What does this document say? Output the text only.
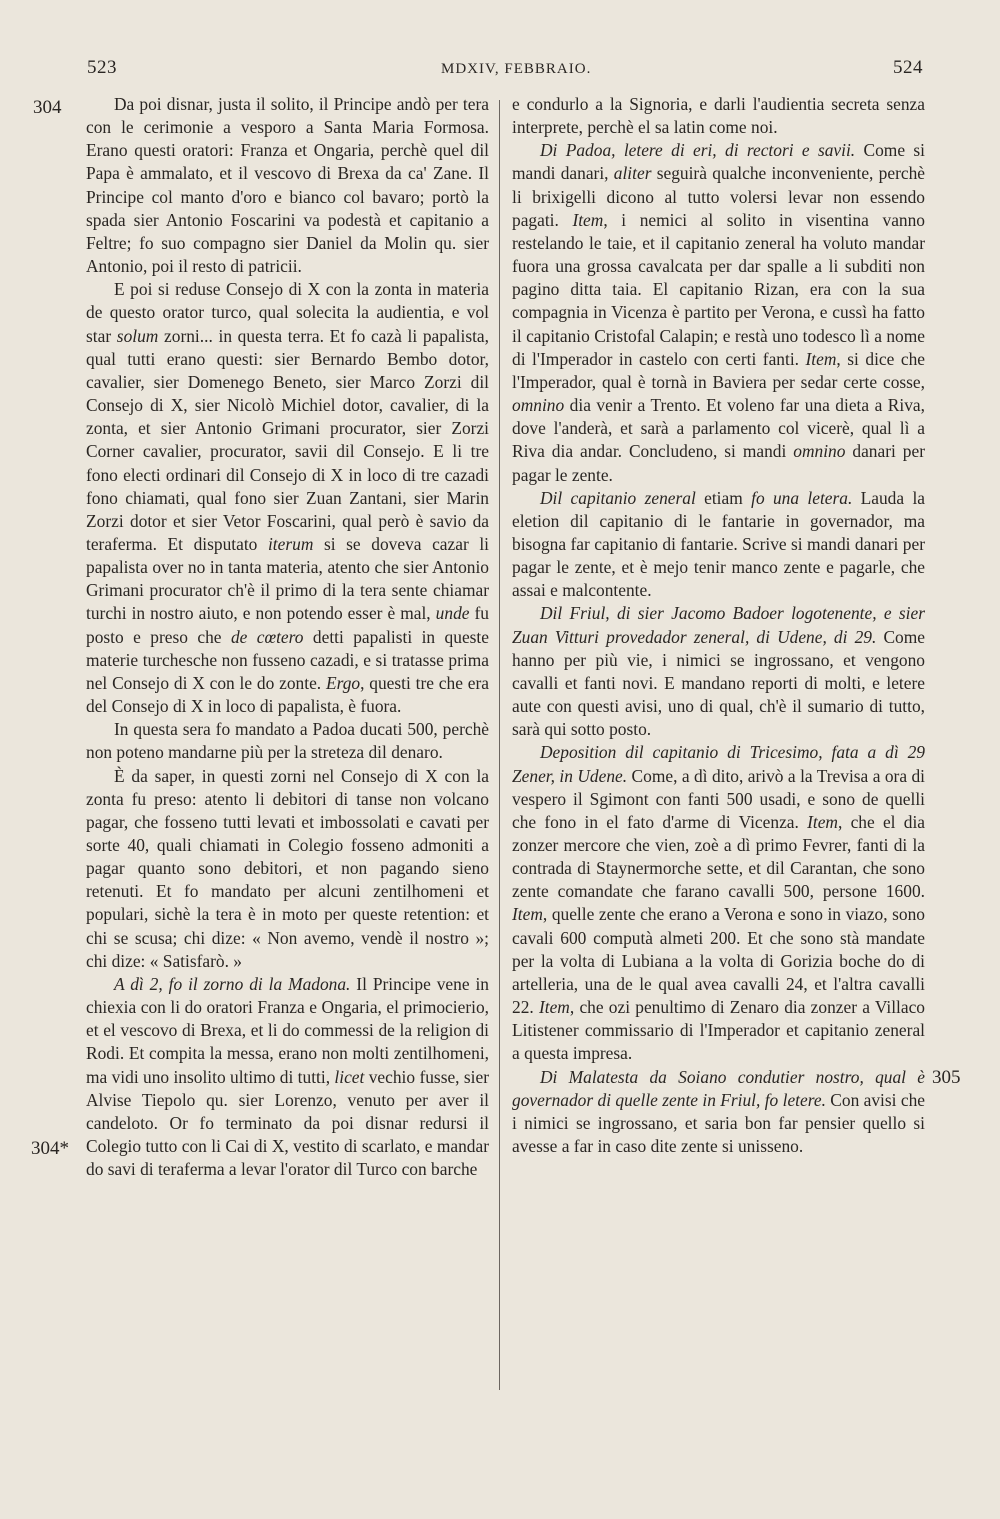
523	MDXIV, FEBBRAIO.	524
304
304*
305

Da poi disnar, justa il solito, il Principe andò per tera con le cerimonie a vesporo a Santa Maria Formosa. Erano questi oratori: Franza et Ongaria, perchè quel dil Papa è ammalato, et il vescovo di Brexa da ca' Zane. Il Principe col manto d'oro e bianco col bavaro; portò la spada sier Antonio Foscarini va podestà et capitanio a Feltre; fo suo compagno sier Daniel da Molin qu. sier Antonio, poi il resto di patricii.

E poi si reduse Consejo di X con la zonta in materia de questo orator turco, qual solecita la audientia, e vol star solum zorni... in questa terra. Et fo cazà li papalista, qual tutti erano questi: sier Bernardo Bembo dotor, cavalier, sier Domenego Beneto, sier Marco Zorzi dil Consejo di X, sier Nicolò Michiel dotor, cavalier, di la zonta, et sier Antonio Grimani procurator, sier Zorzi Corner cavalier, procurator, savii dil Consejo. E li tre fono electi ordinari dil Consejo di X in loco di tre cazadi fono chiamati, qual fono sier Zuan Zantani, sier Marin Zorzi dotor et sier Vetor Foscarini, qual però è savio da teraferma. Et disputato iterum si se doveva cazar li papalista over no in tanta materia, atento che sier Antonio Grimani procurator ch'è il primo di la tera sente chiamar turchi in nostro aiuto, e non potendo esser è mal, unde fu posto e preso che de cœtero detti papalisti in queste materie turchesche non fusseno cazadi, e si tratasse prima nel Consejo di X con le do zonte. Ergo, questi tre che era del Consejo di X in loco di papalista, è fuora.

In questa sera fo mandato a Padoa ducati 500, perchè non poteno mandarne più per la streteza dil denaro.

È da saper, in questi zorni nel Consejo di X con la zonta fu preso: atento li debitori di tanse non volcano pagar, che fosseno tutti levati et imbossolati e cavati per sorte 40, quali chiamati in Colegio fosseno admoniti a pagar quanto sono debitori, et non pagando sieno retenuti. Et fo mandato per alcuni zentilhomeni et populari, sichè la tera è in moto per queste retention: et chi se scusa; chi dize: « Non avemo, vendè il nostro »; chi dize: « Satisfarò. »

A dì 2, fo il zorno di la Madona. Il Principe vene in chiexia con li do oratori Franza e Ongaria, el primocierio, et el vescovo di Brexa, et li do commessi de la religion di Rodi. Et compita la messa, erano non molti zentilhomeni, ma vidi uno insolito ultimo di tutti, licet vechio fusse, sier Alvise Tiepolo qu. sier Lorenzo, venuto per aver il candeloto. Or fo terminato da poi disnar redursi il Colegio tutto con li Cai di X, vestito di scarlato, e mandar do savi di teraferma a levar l'orator dil Turco con barche

e condurlo a la Signoria, e darli l'audientia secreta senza interprete, perchè el sa latin come noi.

Di Padoa, letere di eri, di rectori e savii. Come si mandi danari, aliter seguirà qualche inconveniente, perchè li brixigelli dicono al tutto volersi levar non essendo pagati. Item, i nemici al solito in visentina vanno restelando le taie, et il capitanio zeneral ha voluto mandar fuora una grossa cavalcata per dar spalle a li subditi non pagino ditta taia. El capitanio Rizan, era con la sua compagnia in Vicenza è partito per Verona, e cussì ha fatto il capitanio Cristofal Calapin; e restà uno todesco lì a nome di l'Imperador in castelo con certi fanti. Item, si dice che l'Imperador, qual è tornà in Baviera per sedar certe cosse, omnino dia venir a Trento. Et voleno far una dieta a Riva, dove l'anderà, et sarà a parlamento col vicerè, qual lì a Riva dia andar. Concludeno, si mandi omnino danari per pagar le zente.

Dil capitanio zeneral etiam fo una letera. Lauda la eletion dil capitanio di le fantarie in governador, ma bisogna far capitanio di fantarie. Scrive si mandi danari per pagar le zente, et è mejo tenir manco zente e pagarle, che assai e malcontente.

Dil Friul, di sier Jacomo Badoer logotenente, e sier Zuan Vitturi provedador zeneral, di Udene, di 29. Come hanno per più vie, i nimici se ingrossano, et vengono cavalli et fanti novi. E mandano reporti di molti, e letere aute con questi avisi, uno di qual, ch'è il sumario di tutto, sarà qui sotto posto.

Deposition dil capitanio di Tricesimo, fata a dì 29 Zener, in Udene. Come, a dì dito, arivò a la Trevisa a ora di vespero il Sgimont con fanti 500 usadi, e sono de quelli che fono in el fato d'arme di Vicenza. Item, che el dia zonzer mercore che vien, zoè a dì primo Fevrer, fanti di la contrada di Staynermorche sette, et dil Carantan, che sono zente comandate che farano cavalli 500, persone 1600. Item, quelle zente che erano a Verona e sono in viazo, sono cavali 600 computà almeti 200. Et che sono stà mandate per la volta di Lubiana a la volta di Gorizia boche do di artelleria, una de le qual avea cavalli 24, et l'altra cavalli 22. Item, che ozi penultimo di Zenaro dia zonzer a Villaco Litistener commissario di l'Imperador et capitanio zeneral a questa impresa.

Di Malatesta da Soiano condutier nostro, qual è governador di quelle zente in Friul, fo letere. Con avisi che i nimici se ingrossano, et saria bon far pensier quello si avesse a far in caso dite zente si unisseno.
